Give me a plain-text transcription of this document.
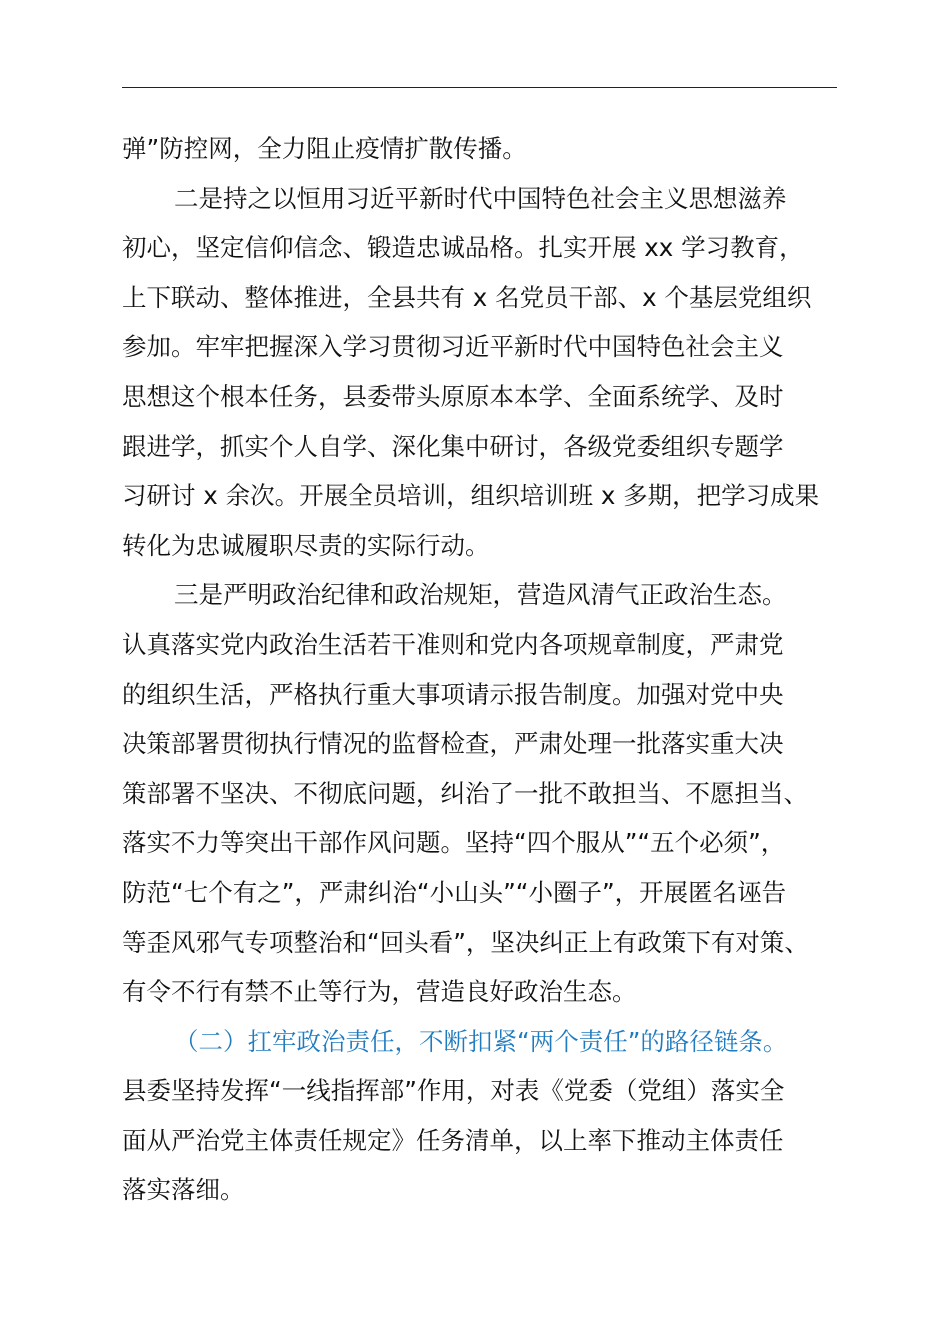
弹”防控网，全力阻止疫情扩散传播。
二是持之以恒用习近平新时代中国特色社会主义思想滋养
初心，坚定信仰信念、锻造忠诚品格。扎实开展 xx 学习教育，
上下联动、整体推进，全县共有 x 名党员干部、x 个基层党组织
参加。牢牢把握深入学习贯彻习近平新时代中国特色社会主义
思想这个根本任务，县委带头原原本本学、全面系统学、及时
跟进学，抓实个人自学、深化集中研讨，各级党委组织专题学
习研讨 x 余次。开展全员培训，组织培训班 x 多期，把学习成果
转化为忠诚履职尽责的实际行动。
三是严明政治纪律和政治规矩，营造风清气正政治生态。
认真落实党内政治生活若干准则和党内各项规章制度，严肃党
的组织生活，严格执行重大事项请示报告制度。加强对党中央
决策部署贯彻执行情况的监督检查，严肃处理一批落实重大决
策部署不坚决、不彻底问题，纠治了一批不敢担当、不愿担当、
落实不力等突出干部作风问题。坚持“四个服从”“五个必须”，
防范“七个有之”，严肃纠治“小山头”“小圈子”，开展匿名诬告
等歪风邪气专项整治和“回头看”，坚决纠正上有政策下有对策、
有令不行有禁不止等行为，营造良好政治生态。
（二）扛牢政治责任，不断扣紧“两个责任”的路径链条。
县委坚持发挥“一线指挥部”作用，对表《党委（党组）落实全
面从严治党主体责任规定》任务清单，以上率下推动主体责任
落实落细。
